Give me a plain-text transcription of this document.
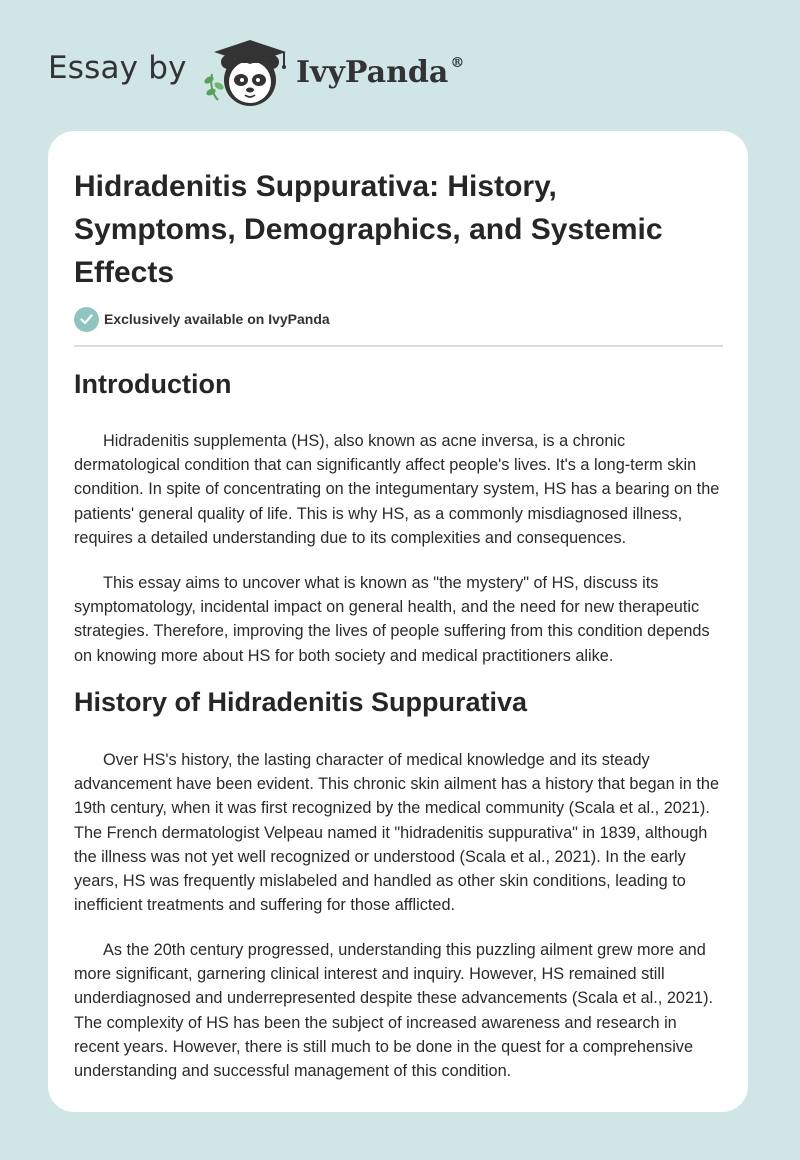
Essay by	IvyPanda ®
Hidradenitis Suppurativa: History, Symptoms, Demographics, and Systemic Effects
Exclusively available on IvyPanda
Introduction

Hidradenitis supplementa (HS), also known as acne inversa, is a chronic dermatological condition that can significantly affect people's lives. It's a long-term skin condition. In spite of concentrating on the integumentary system, HS has a bearing on the patients' general quality of life. This is why HS, as a commonly misdiagnosed illness, requires a detailed understanding due to its complexities and consequences.

This essay aims to uncover what is known as "the mystery" of HS, discuss its symptomatology, incidental impact on general health, and the need for new therapeutic strategies. Therefore, improving the lives of people suffering from this condition depends on knowing more about HS for both society and medical practitioners alike.

History of Hidradenitis Suppurativa

Over HS's history, the lasting character of medical knowledge and its steady advancement have been evident. This chronic skin ailment has a history that began in the 19th century, when it was first recognized by the medical community (Scala et al., 2021). The French dermatologist Velpeau named it "hidradenitis suppurativa" in 1839, although the illness was not yet well recognized or understood (Scala et al., 2021). In the early years, HS was frequently mislabeled and handled as other skin conditions, leading to inefficient treatments and suffering for those afflicted.

As the 20th century progressed, understanding this puzzling ailment grew more and more significant, garnering clinical interest and inquiry. However, HS remained still underdiagnosed and underrepresented despite these advancements (Scala et al., 2021). The complexity of HS has been the subject of increased awareness and research in recent years. However, there is still much to be done in the quest for a comprehensive understanding and successful management of this condition.
